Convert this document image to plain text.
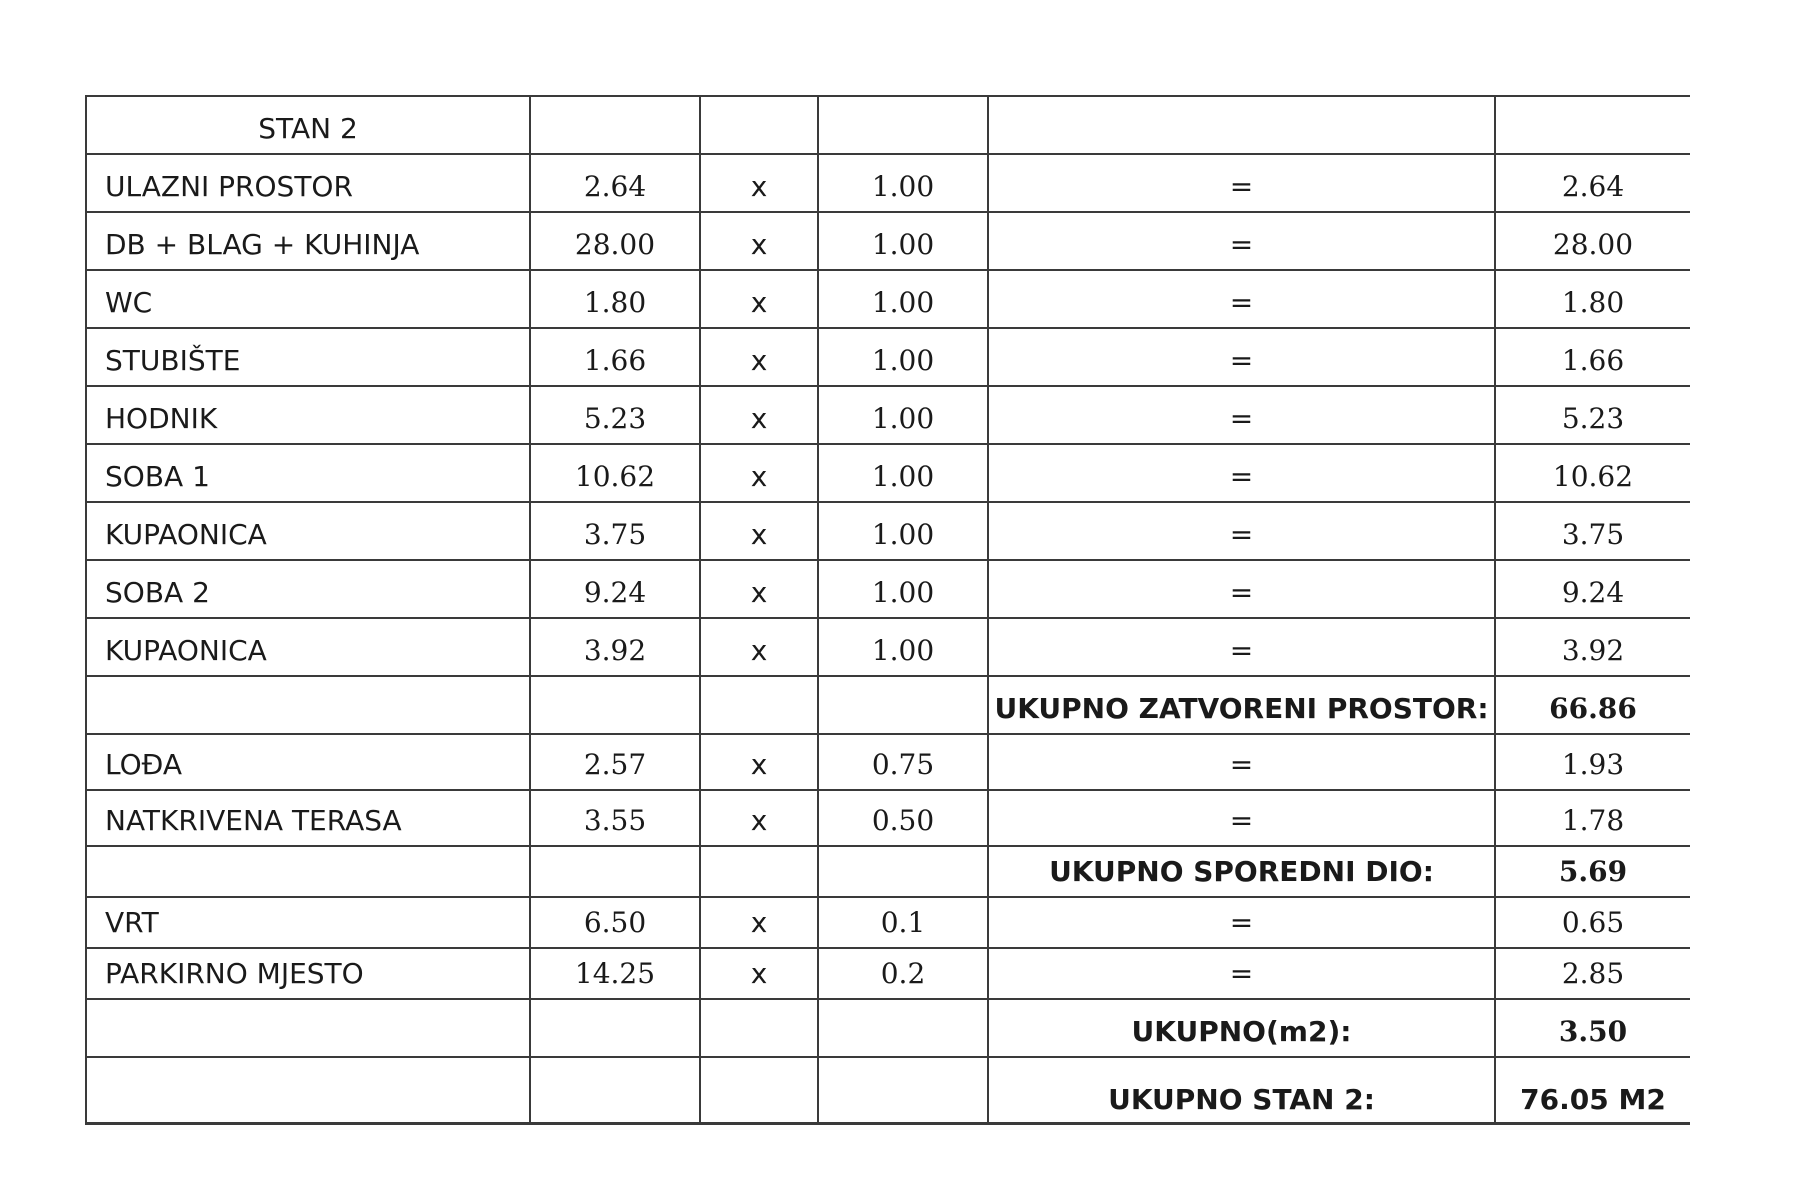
STAN 2					
ULAZNI PROSTOR	2.64	x	1.00	=	2.64
DB + BLAG + KUHINJA	28.00	x	1.00	=	28.00
WC	1.80	x	1.00	=	1.80
STUBIŠTE	1.66	x	1.00	=	1.66
HODNIK	5.23	x	1.00	=	5.23
SOBA 1	10.62	x	1.00	=	10.62
KUPAONICA	3.75	x	1.00	=	3.75
SOBA 2	9.24	x	1.00	=	9.24
KUPAONICA	3.92	x	1.00	=	3.92
				UKUPNO ZATVORENI PROSTOR:	66.86
LOĐA	2.57	x	0.75	=	1.93
NATKRIVENA TERASA	3.55	x	0.50	=	1.78
				UKUPNO SPOREDNI DIO:	5.69
VRT	6.50	x	0.1	=	0.65
PARKIRNO MJESTO	14.25	x	0.2	=	2.85
				UKUPNO(m2):	3.50
				UKUPNO STAN 2:	76.05 M2
